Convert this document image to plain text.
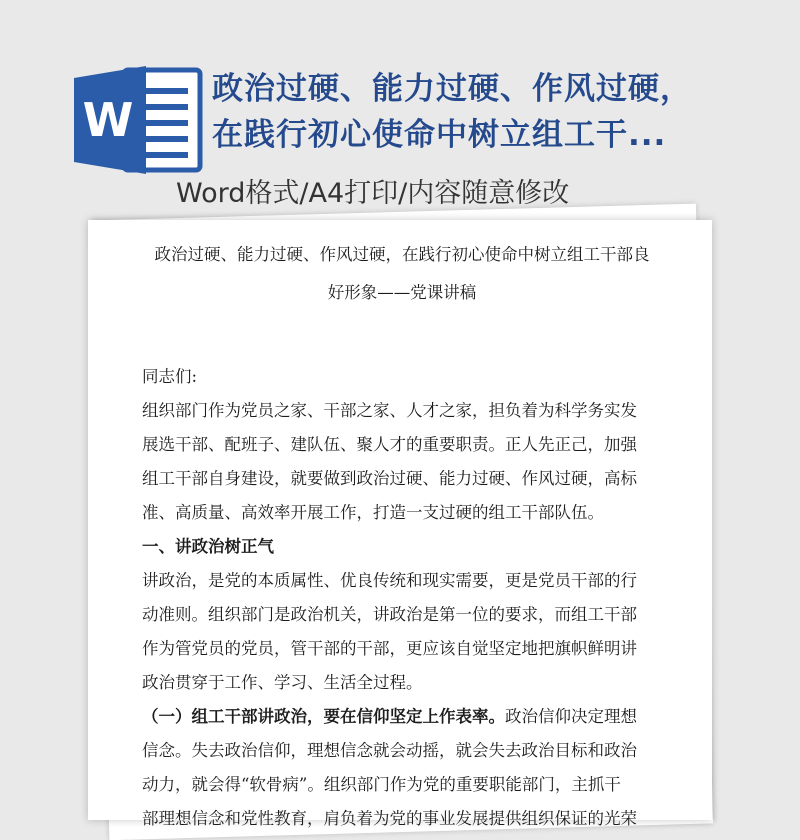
W
政治过硬、能力过硬、作风过硬，
在践行初心使命中树立组工干...

Word格式/A4打印/内容随意修改

政治过硬、能力过硬、作风过硬，在践行初心使命中树立组工干部良
好形象——党课讲稿

同志们:

组织部门作为党员之家、干部之家、人才之家，担负着为科学务实发
展选干部、配班子、建队伍、聚人才的重要职责。正人先正己，加强
组工干部自身建设，就要做到政治过硬、能力过硬、作风过硬，高标
准、高质量、高效率开展工作，打造一支过硬的组工干部队伍。

一、讲政治树正气

讲政治，是党的本质属性、优良传统和现实需要，更是党员干部的行
动准则。组织部门是政治机关，讲政治是第一位的要求，而组工干部
作为管党员的党员，管干部的干部，更应该自觉坚定地把旗帜鲜明讲
政治贯穿于工作、学习、生活全过程。

（一）组工干部讲政治，要在信仰坚定上作表率。政治信仰决定理想
信念。失去政治信仰，理想信念就会动摇，就会失去政治目标和政治
动力，就会得“软骨病”。组织部门作为党的重要职能部门，主抓干
部理想信念和党性教育，肩负着为党的事业发展提供组织保证的光荣
